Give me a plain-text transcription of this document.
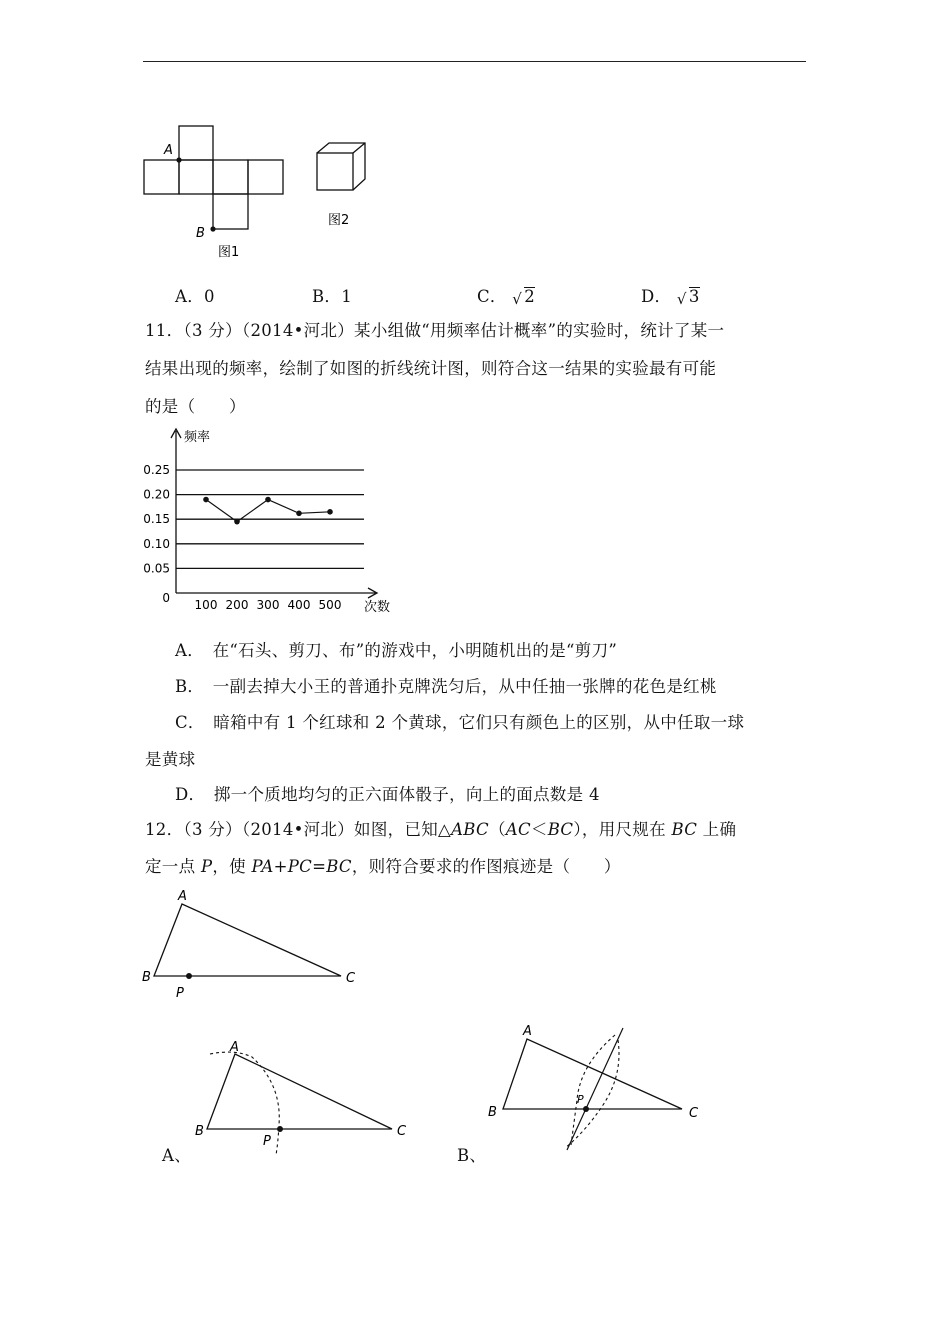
A
B
图1
图2
A．0	B．1	C． √ 2	D． √ 3
11．（3 分）（2014•河北）某小组做“用频率估计概率”的实验时，统计了某一
结果出现的频率，绘制了如图的折线统计图，则符合这一结果的实验最有可能
的是（　　）
0
0.05
0.10
0.15
0.20
0.25
100 200 300 400 500
频率
次数
A．　在“石头、剪刀、布”的游戏中，小明随机出的是“剪刀”
B．　一副去掉大小王的普通扑克牌洗匀后，从中任抽一张牌的花色是红桃
C．　暗箱中有 1 个红球和 2 个黄球，它们只有颜色上的区别，从中任取一球
是黄球
D．　掷一个质地均匀的正六面体骰子，向上的面点数是 4
12．（3 分）（2014•河北）如图，已知△ABC（AC＜BC），用尺规在 BC 上确
定一点 P，使 PA+PC=BC，则符合要求的作图痕迹是（　　）
A
B	C
P
A
B	C
P
A、
A
B	C
P
B、
